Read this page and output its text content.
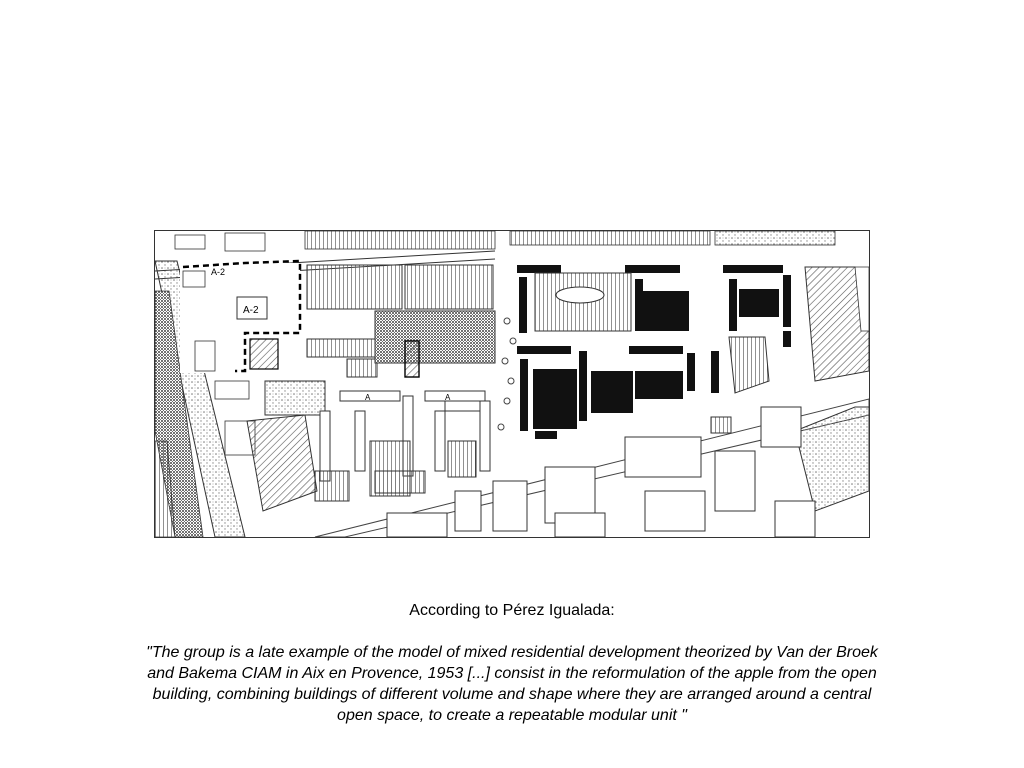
A-2
A-2
A	A

According to Pérez Igualada:

"The group is a late example of the model of mixed residential development theorized by Van der Broek and Bakema CIAM in Aix en Provence, 1953 [...] consist in the reformulation of the apple from the open building, combining buildings of different volume and shape where they are arranged around a central open space, to create a repeatable modular unit "
